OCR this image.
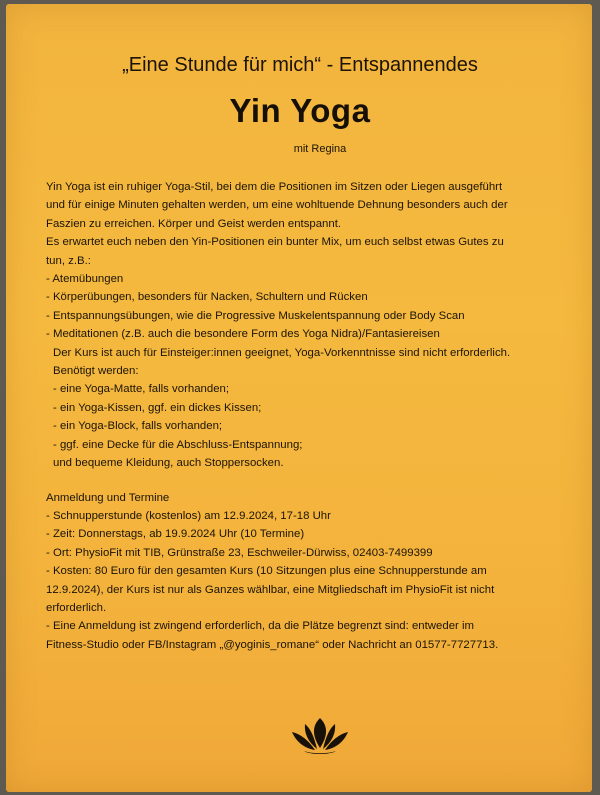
„Eine Stunde für mich“ - Entspannendes
Yin Yoga
mit Regina

Yin Yoga ist ein ruhiger Yoga-Stil, bei dem die Positionen im Sitzen oder Liegen ausgeführt

und für einige Minuten gehalten werden, um eine wohltuende Dehnung besonders auch der

Faszien zu erreichen. Körper und Geist werden entspannt.

Es erwartet euch neben den Yin-Positionen ein bunter Mix, um euch selbst etwas Gutes zu

tun, z.B.:

- Atemübungen

- Körperübungen, besonders für Nacken, Schultern und Rücken

- Entspannungsübungen, wie die Progressive Muskelentspannung oder Body Scan

- Meditationen (z.B. auch die besondere Form des Yoga Nidra)/Fantasiereisen

Der Kurs ist auch für Einsteiger:innen geeignet, Yoga-Vorkenntnisse sind nicht erforderlich.

Benötigt werden:

- eine Yoga-Matte, falls vorhanden;

- ein Yoga-Kissen, ggf. ein dickes Kissen;

- ein Yoga-Block, falls vorhanden;

- ggf. eine Decke für die Abschluss-Entspannung;

und bequeme Kleidung, auch Stoppersocken.

Anmeldung und Termine

- Schnupperstunde (kostenlos) am 12.9.2024, 17-18 Uhr

- Zeit: Donnerstags, ab 19.9.2024 Uhr (10 Termine)

- Ort: PhysioFit mit TIB, Grünstraße 23, Eschweiler-Dürwiss, 02403-7499399

- Kosten: 80 Euro für den gesamten Kurs (10 Sitzungen plus eine Schnupperstunde am

12.9.2024), der Kurs ist nur als Ganzes wählbar, eine Mitgliedschaft im PhysioFit ist nicht

erforderlich.

- Eine Anmeldung ist zwingend erforderlich, da die Plätze begrenzt sind: entweder im

Fitness-Studio oder FB/Instagram „@yoginis_romane“ oder Nachricht an 01577-7727713.
